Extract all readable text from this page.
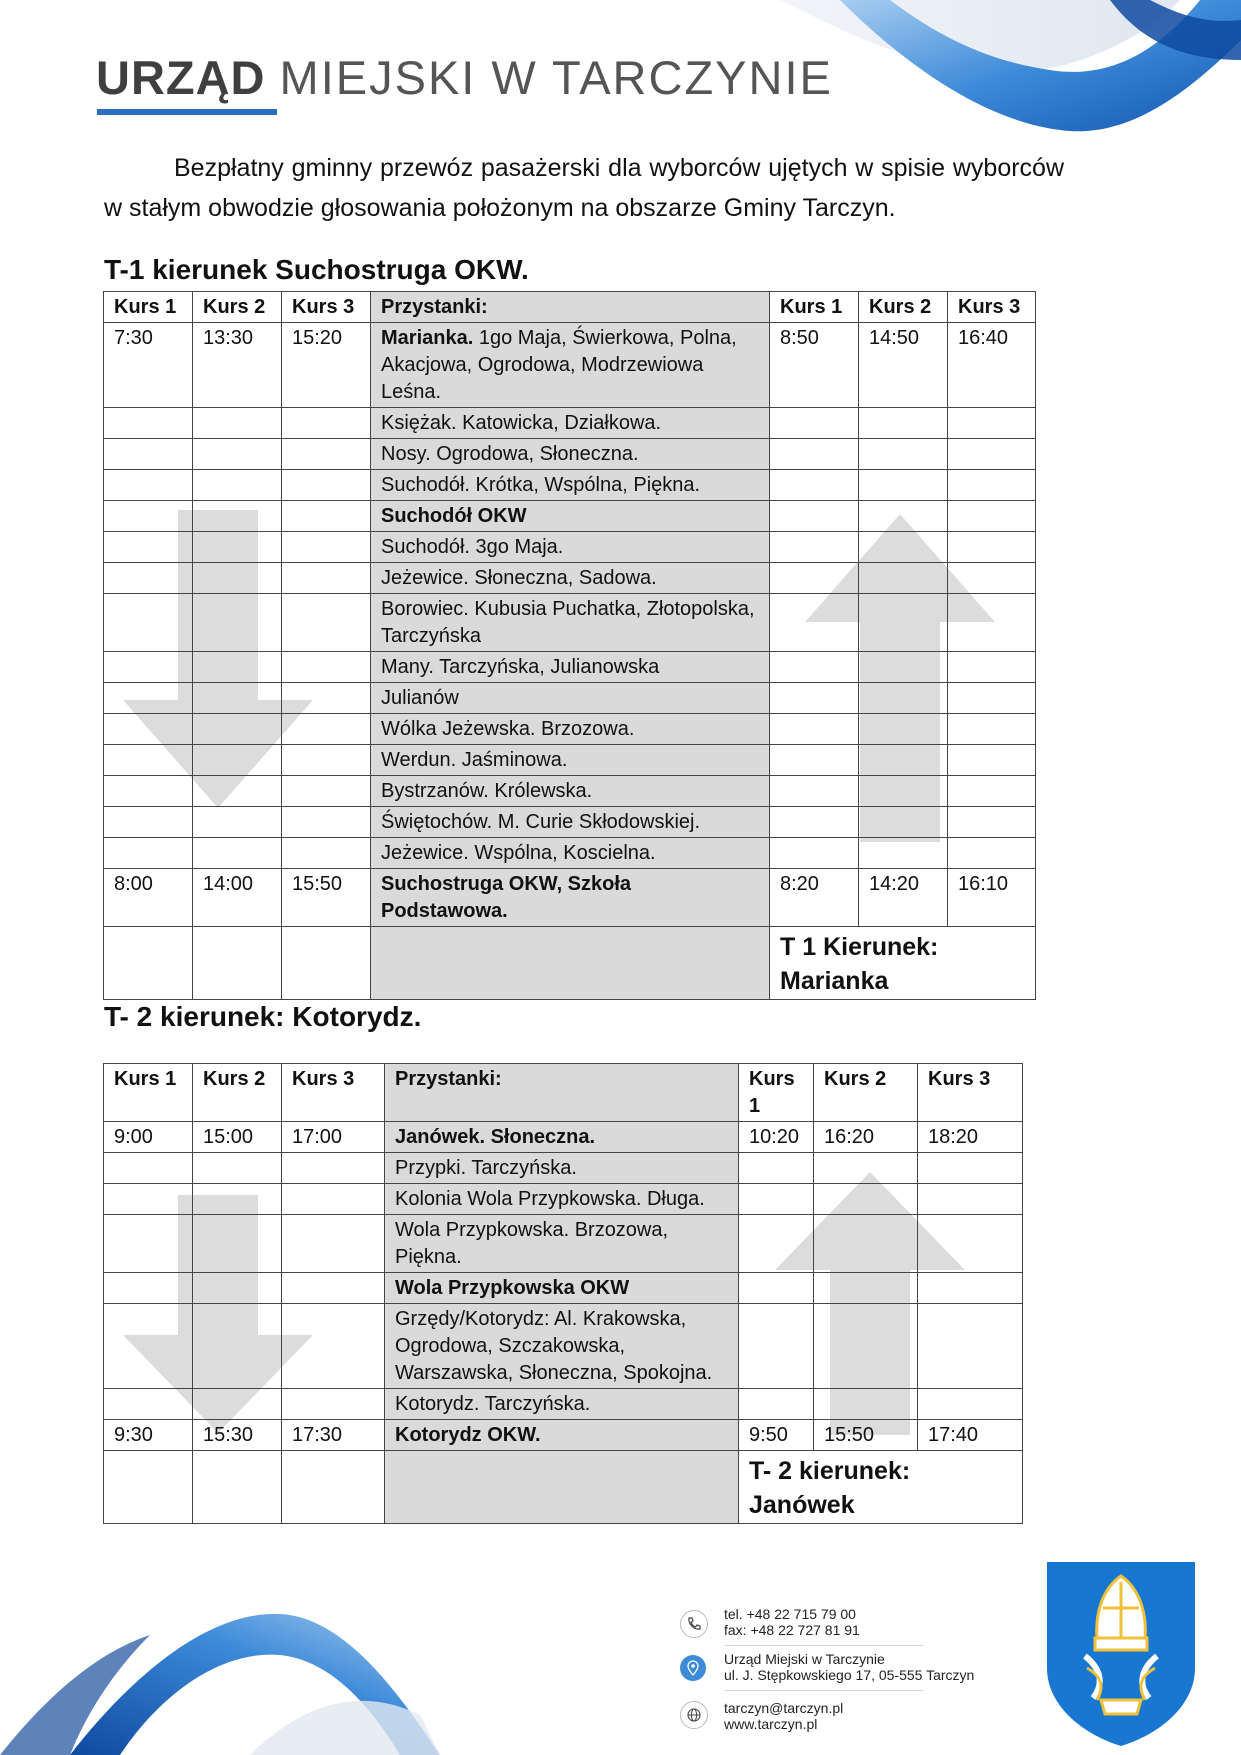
URZĄD MIEJSKI W TARCZYNIE
Bezpłatny gminny przewóz pasażerski dla wyborców ujętych w spisie wyborców w stałym obwodzie głosowania położonym na obszarze Gminy Tarczyn.
T-1 kierunek Suchostruga OKW.
Kurs 1	Kurs 2	Kurs 3	Przystanki:	Kurs 1	Kurs 2	Kurs 3
7:30	13:30	15:20	Marianka. 1go Maja, Świerkowa, Polna, Akacjowa, Ogrodowa, Modrzewiowa Leśna.	8:50	14:50	16:40
			Księżak. Katowicka, Działkowa.			
			Nosy. Ogrodowa, Słoneczna.			
			Suchodół. Krótka, Wspólna, Piękna.			
			Suchodół OKW			
			Suchodół. 3go Maja.			
			Jeżewice. Słoneczna, Sadowa.			
			Borowiec. Kubusia Puchatka, Złotopolska, Tarczyńska			
			Many. Tarczyńska, Julianowska			
			Julianów			
			Wólka Jeżewska. Brzozowa.			
			Werdun. Jaśminowa.			
			Bystrzanów. Królewska.			
			Świętochów. M. Curie Skłodowskiej.			
			Jeżewice. Wspólna, Koscielna.			
8:00	14:00	15:50	Suchostruga OKW, Szkoła Podstawowa.	8:20	14:20	16:10
				T 1 Kierunek: Marianka		
T- 2 kierunek: Kotorydz.
Kurs 1	Kurs 2	Kurs 3	Przystanki:	Kurs 1	Kurs 2	Kurs 3
9:00	15:00	17:00	Janówek. Słoneczna.	10:20	16:20	18:20
			Przypki. Tarczyńska.			
			Kolonia Wola Przypkowska. Długa.			
			Wola Przypkowska. Brzozowa, Piękna.			
			Wola Przypkowska OKW			
			Grzędy/Kotorydz: Al. Krakowska, Ogrodowa, Szczakowska, Warszawska, Słoneczna, Spokojna.			
			Kotorydz. Tarczyńska.			
9:30	15:30	17:30	Kotorydz OKW.	9:50	15:50	17:40
				T- 2 kierunek: Janówek		
tel. +48 22 715 79 00
fax: +48 22 727 81 91
Urząd Miejski w Tarczynie
ul. J. Stępkowskiego 17, 05-555 Tarczyn
tarczyn@tarczyn.pl
www.tarczyn.pl
